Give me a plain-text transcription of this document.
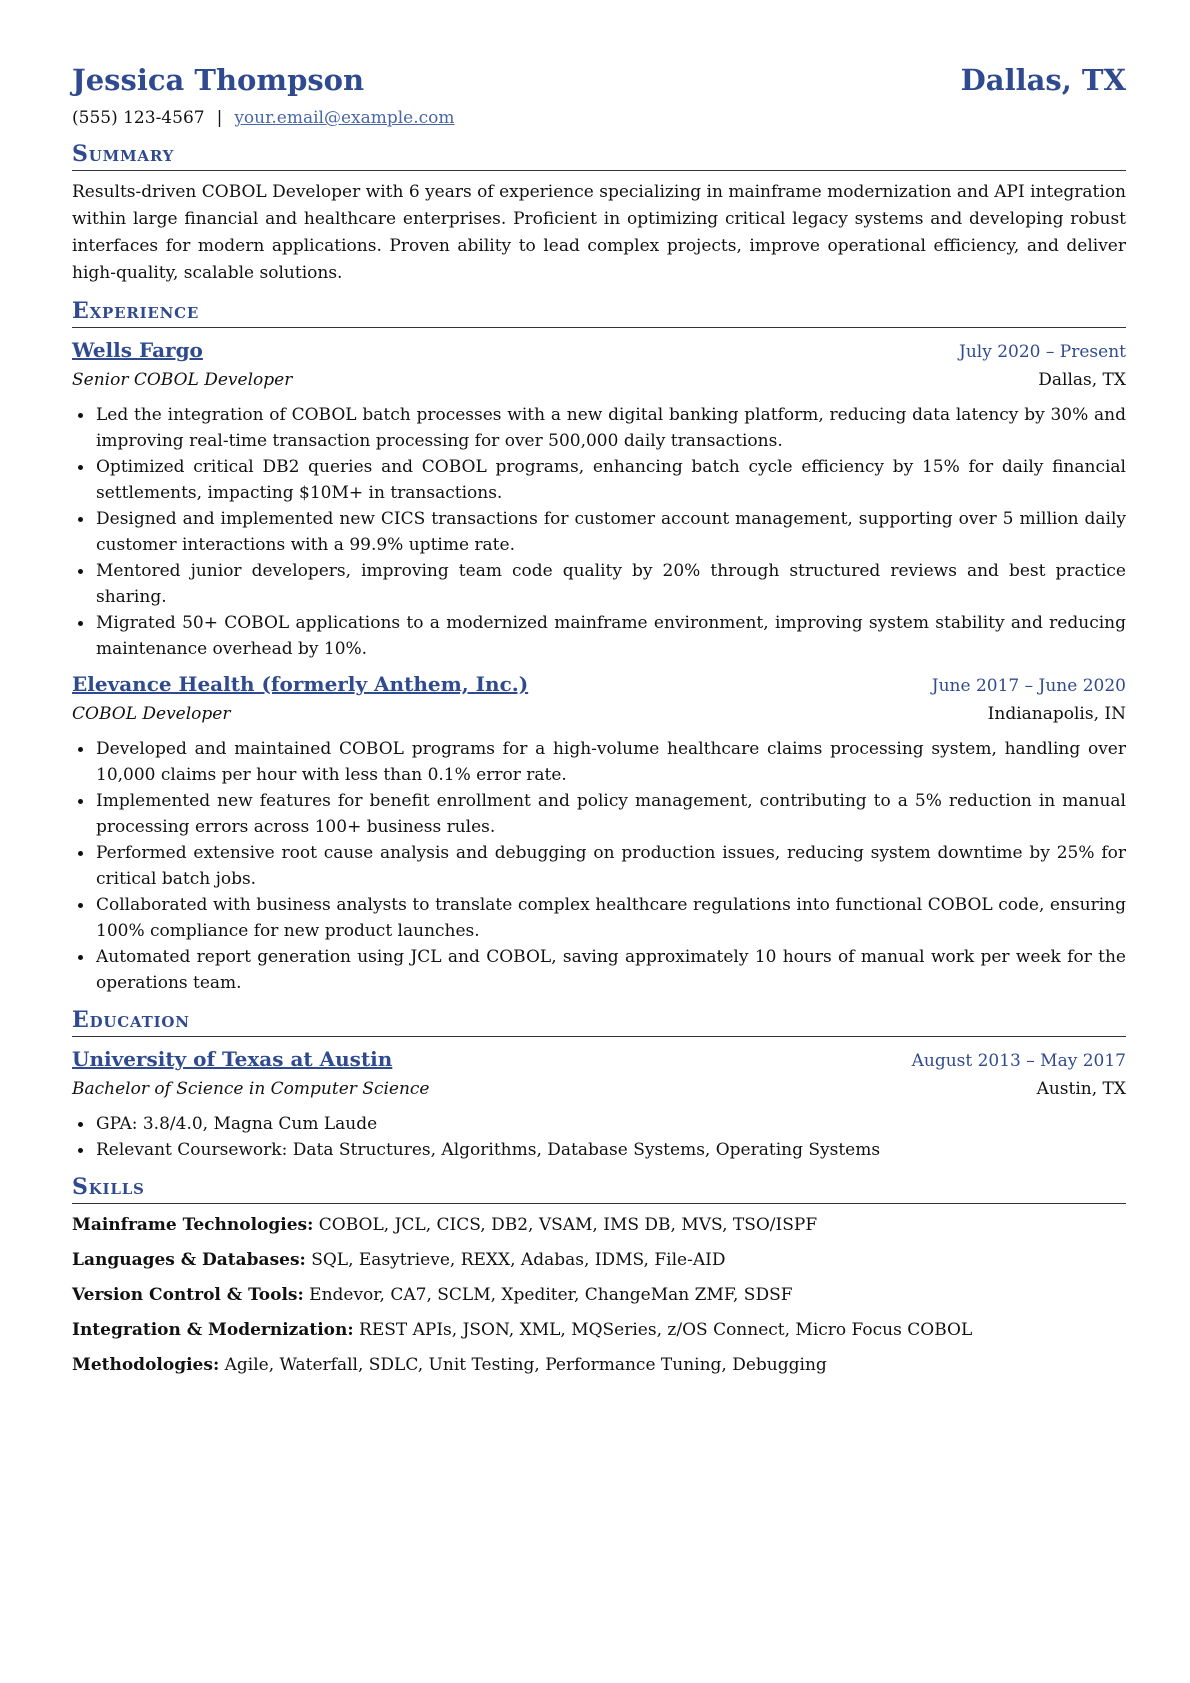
Jessica Thompson	Dallas, TX
(555) 123-4567 | your.email@example.com
Summary
Results-driven COBOL Developer with 6 years of experience specializing in mainframe modernization and API integration within large financial and healthcare enterprises. Proficient in optimizing critical legacy systems and developing robust interfaces for modern applications. Proven ability to lead complex projects, improve operational efficiency, and deliver high-quality, scalable solutions.
Experience
Wells Fargo	July 2020 – Present
Senior COBOL Developer	Dallas, TX
Led the integration of COBOL batch processes with a new digital banking platform, reducing data latency by 30% and improving real-time transaction processing for over 500,000 daily transactions.
Optimized critical DB2 queries and COBOL programs, enhancing batch cycle efficiency by 15% for daily financial settlements, impacting $10M+ in transactions.
Designed and implemented new CICS transactions for customer account management, supporting over 5 million daily customer interactions with a 99.9% uptime rate.
Mentored junior developers, improving team code quality by 20% through structured reviews and best practice sharing.
Migrated 50+ COBOL applications to a modernized mainframe environment, improving system stability and reducing maintenance overhead by 10%.
Elevance Health (formerly Anthem, Inc.)	June 2017 – June 2020
COBOL Developer	Indianapolis, IN
Developed and maintained COBOL programs for a high-volume healthcare claims processing system, handling over 10,000 claims per hour with less than 0.1% error rate.
Implemented new features for benefit enrollment and policy management, contributing to a 5% reduction in manual processing errors across 100+ business rules.
Performed extensive root cause analysis and debugging on production issues, reducing system downtime by 25% for critical batch jobs.
Collaborated with business analysts to translate complex healthcare regulations into functional COBOL code, ensuring 100% compliance for new product launches.
Automated report generation using JCL and COBOL, saving approximately 10 hours of manual work per week for the operations team.
Education
University of Texas at Austin	August 2013 – May 2017
Bachelor of Science in Computer Science	Austin, TX
GPA: 3.8/4.0, Magna Cum Laude
Relevant Coursework: Data Structures, Algorithms, Database Systems, Operating Systems
Skills
Mainframe Technologies: COBOL, JCL, CICS, DB2, VSAM, IMS DB, MVS, TSO/ISPF
Languages & Databases: SQL, Easytrieve, REXX, Adabas, IDMS, File-AID
Version Control & Tools: Endevor, CA7, SCLM, Xpediter, ChangeMan ZMF, SDSF
Integration & Modernization: REST APIs, JSON, XML, MQSeries, z/OS Connect, Micro Focus COBOL
Methodologies: Agile, Waterfall, SDLC, Unit Testing, Performance Tuning, Debugging
